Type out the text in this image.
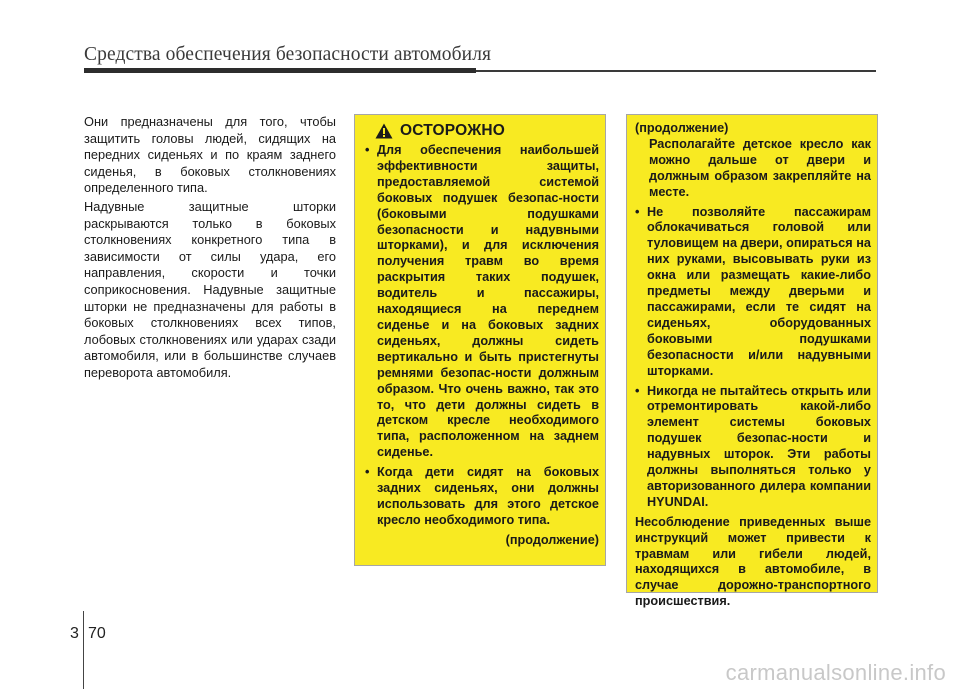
Средства обеспечения безопасности автомобиля

Они предназначены для того, чтобы защитить головы людей, сидящих на передних сиденьях и по краям заднего сиденья, в боковых столкновениях определенного типа.

Надувные защитные шторки раскрываются только в боковых столкновениях конкретного типа в зависимости от силы удара, его направления, скорости и точки соприкосновения. Надувные защитные шторки не предназначены для работы в боковых столкновениях всех типов, лобовых столкновениях или ударах сзади автомобиля, или в большинстве случаев переворота автомобиля.

ОСТОРОЖНО
• Для обеспечения наибольшей эффективности защиты, предоставляемой системой боковых подушек безопас-ности (боковыми подушками безопасности и надувными шторками), и для исключения получения травм во время раскрытия таких подушек, водитель и пассажиры, находящиеся на переднем сиденье и на боковых задних сиденьях, должны сидеть вертикально и быть пристегнуты ремнями безопас-ности должным образом. Что очень важно, так это то, что дети должны сидеть в детском кресле необходимого типа, расположенном на заднем сиденье.
• Когда дети сидят на боковых задних сиденьях, они должны использовать для этого детское кресло необходимого типа.
(продолжение)
(продолжение)
Располагайте детское кресло как можно дальше от двери и должным образом закрепляйте на месте.
• Не позволяйте пассажирам облокачиваться головой или туловищем на двери, опираться на них руками, высовывать руки из окна или размещать какие-либо предметы между дверьми и пассажирами, если те сидят на сиденьях, оборудованных боковыми подушками безопасности и/или надувными шторками.
• Никогда не пытайтесь открыть или отремонтировать какой-либо элемент системы боковых подушек безопас-ности и надувных шторок. Эти работы должны выполняться только у авторизованного дилера компании HYUNDAI.
Несоблюдение приведенных выше инструкций может привести к травмам или гибели людей, находящихся в автомобиле, в случае дорожно-транспортного происшествия.
3 70
carmanualsonline.info
